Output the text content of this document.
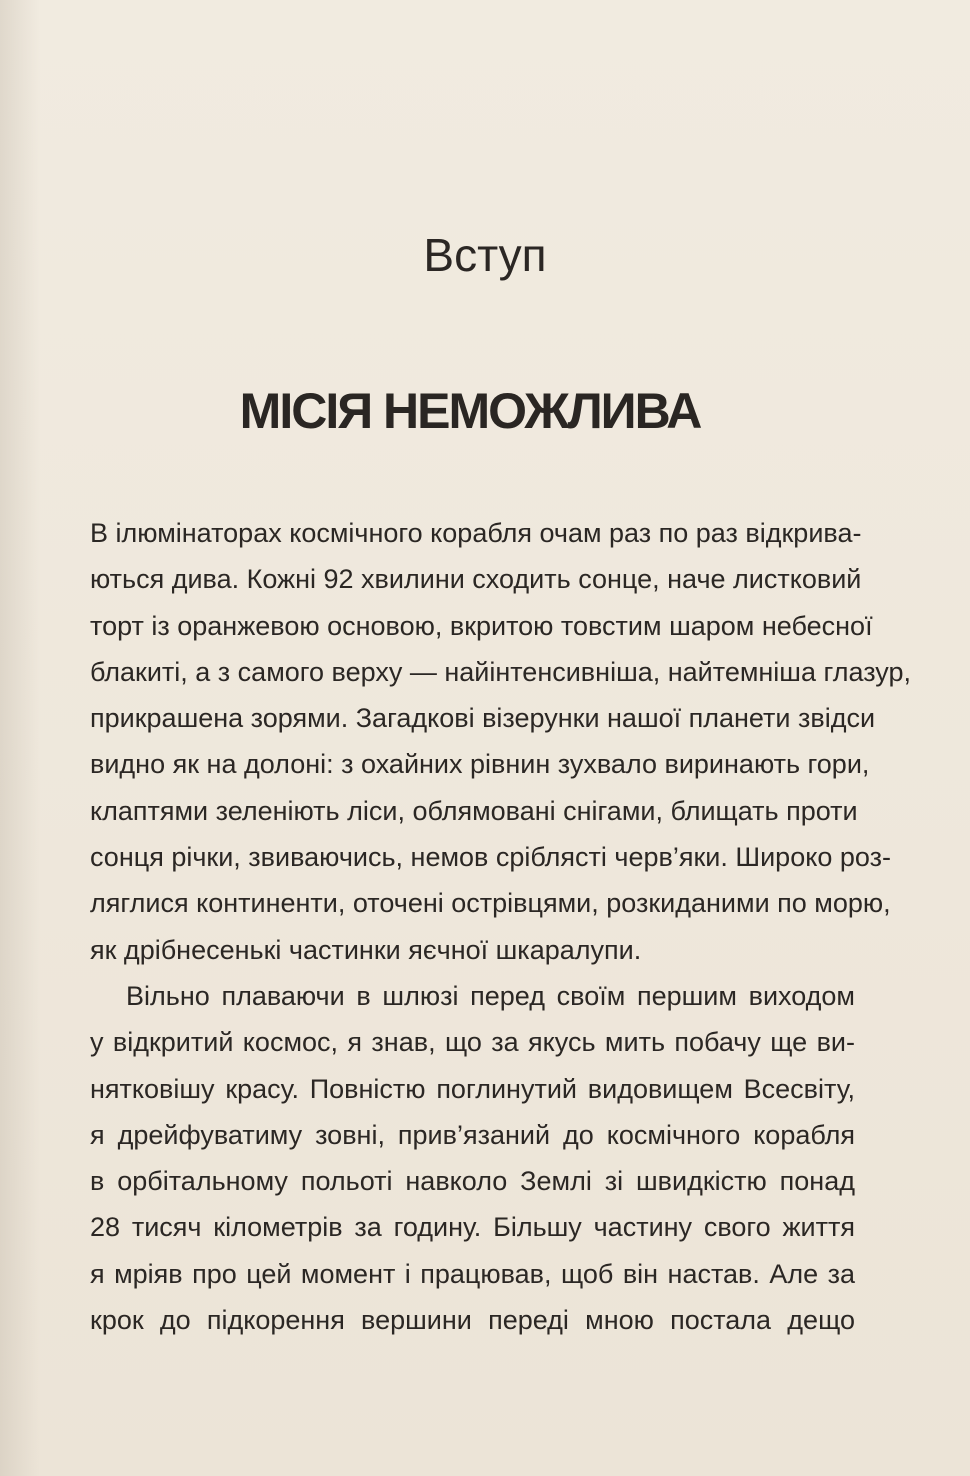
Вступ
МІСІЯ НЕМОЖЛИВА
В ілюмінаторах космічного корабля очам раз по раз відкрива-
ються дива. Кожні 92 хвилини сходить сонце, наче листковий
торт із оранжевою основою, вкритою товстим шаром небесної
блакиті, а з самого верху — найінтенсивніша, найтемніша глазур,
прикрашена зорями. Загадкові візерунки нашої планети звідси
видно як на долоні: з охайних рівнин зухвало виринають гори,
клаптями зеленіють ліси, облямовані снігами, блищать проти
сонця річки, звиваючись, немов сріблясті черв’яки. Широко роз-
ляглися континенти, оточені острівцями, розкиданими по морю,
як дрібнесенькі частинки яєчної шкаралупи.
Вільно плаваючи в шлюзі перед своїм першим виходом
у відкритий космос, я знав, що за якусь мить побачу ще ви-
нятковішу красу. Повністю поглинутий видовищем Всесвіту,
я дрейфуватиму зовні, прив’язаний до космічного корабля
в орбітальному польоті навколо Землі зі швидкістю понад
28 тисяч кілометрів за годину. Більшу частину свого життя
я мріяв про цей момент і працював, щоб він настав. Але за
крок до підкорення вершини переді мною постала дещо
